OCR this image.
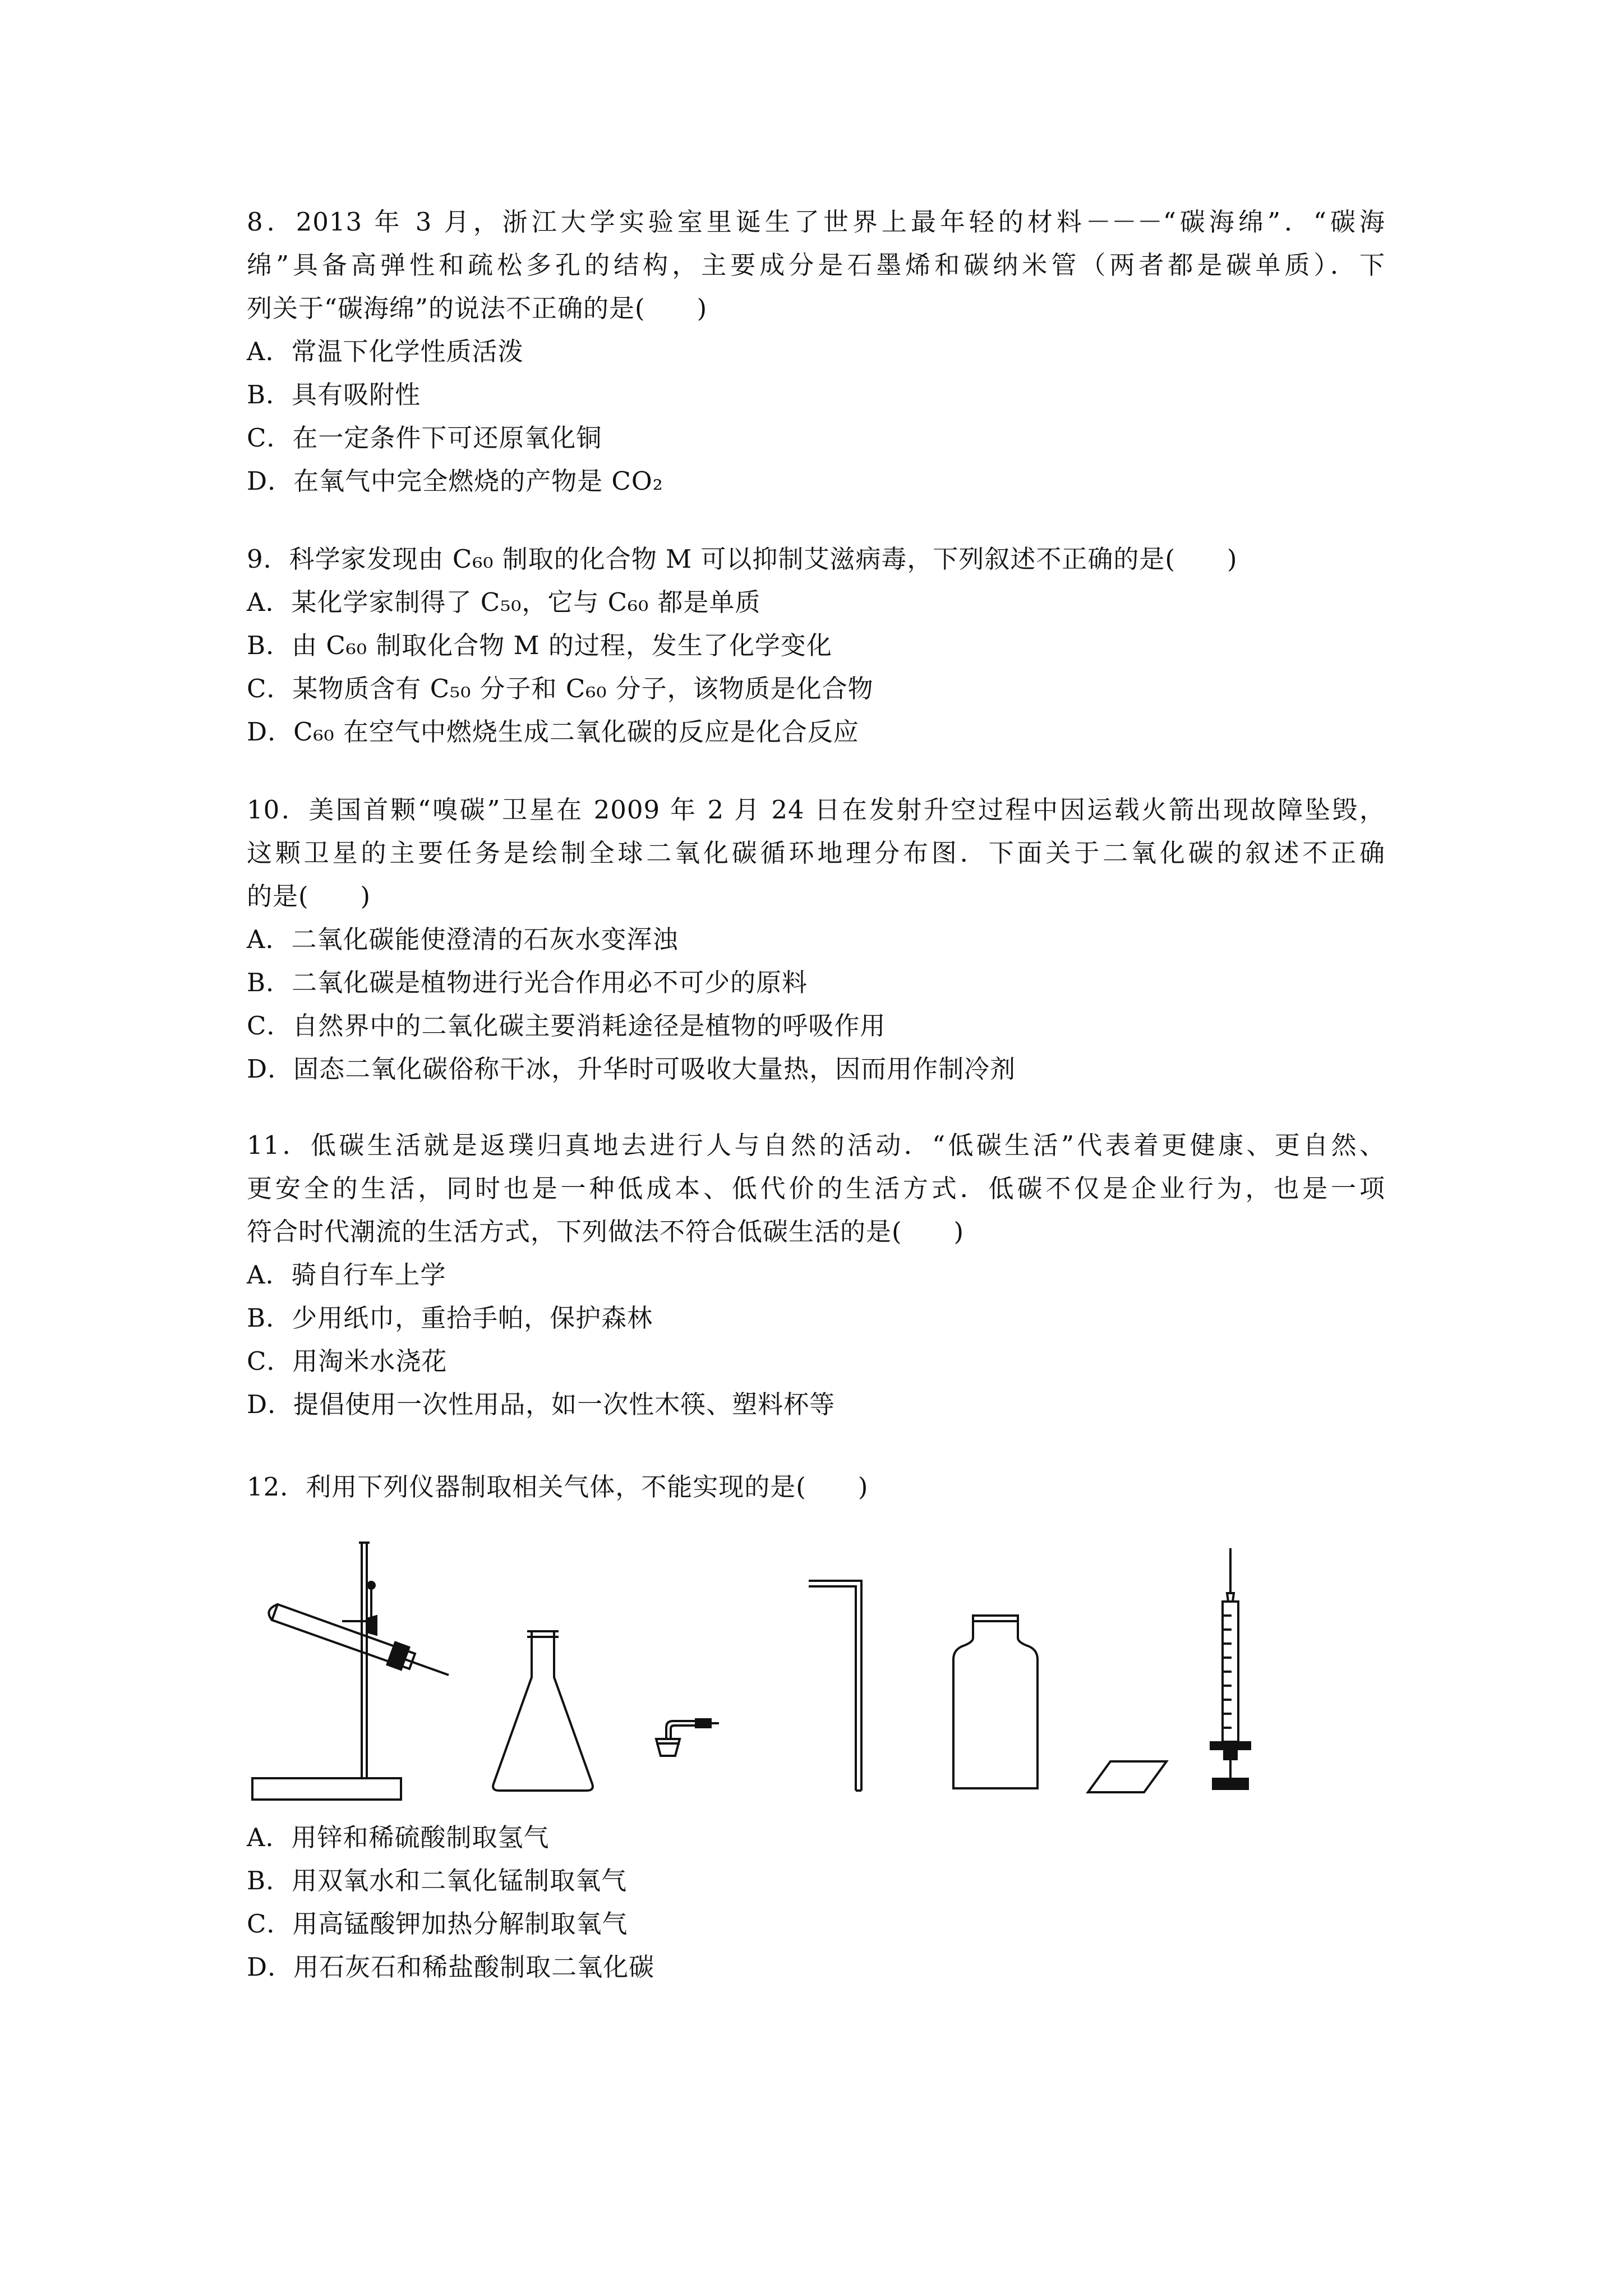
8．2013 年 3 月，浙江大学实验室里诞生了世界上最年轻的材料－－－“碳海绵”．“碳海
绵”具备高弹性和疏松多孔的结构，主要成分是石墨烯和碳纳米管（两者都是碳单质）．下
列关于“碳海绵”的说法不正确的是(　　)
A．常温下化学性质活泼
B．具有吸附性
C．在一定条件下可还原氧化铜
D．在氧气中完全燃烧的产物是 CO₂
9．科学家发现由 C₆₀ 制取的化合物 M 可以抑制艾滋病毒，下列叙述不正确的是(　　)
A．某化学家制得了 C₅₀，它与 C₆₀ 都是单质
B．由 C₆₀ 制取化合物 M 的过程，发生了化学变化
C．某物质含有 C₅₀ 分子和 C₆₀ 分子，该物质是化合物
D．C₆₀ 在空气中燃烧生成二氧化碳的反应是化合反应
10．美国首颗“嗅碳”卫星在 2009 年 2 月 24 日在发射升空过程中因运载火箭出现故障坠毁，
这颗卫星的主要任务是绘制全球二氧化碳循环地理分布图．下面关于二氧化碳的叙述不正确
的是(　　)
A．二氧化碳能使澄清的石灰水变浑浊
B．二氧化碳是植物进行光合作用必不可少的原料
C．自然界中的二氧化碳主要消耗途径是植物的呼吸作用
D．固态二氧化碳俗称干冰，升华时可吸收大量热，因而用作制冷剂
11．低碳生活就是返璞归真地去进行人与自然的活动．“低碳生活”代表着更健康、更自然、
更安全的生活，同时也是一种低成本、低代价的生活方式．低碳不仅是企业行为，也是一项
符合时代潮流的生活方式，下列做法不符合低碳生活的是(　　)
A．骑自行车上学
B．少用纸巾，重拾手帕，保护森林
C．用淘米水浇花
D．提倡使用一次性用品，如一次性木筷、塑料杯等
12．利用下列仪器制取相关气体，不能实现的是(　　)
A．用锌和稀硫酸制取氢气
B．用双氧水和二氧化锰制取氧气
C．用高锰酸钾加热分解制取氧气
D．用石灰石和稀盐酸制取二氧化碳
